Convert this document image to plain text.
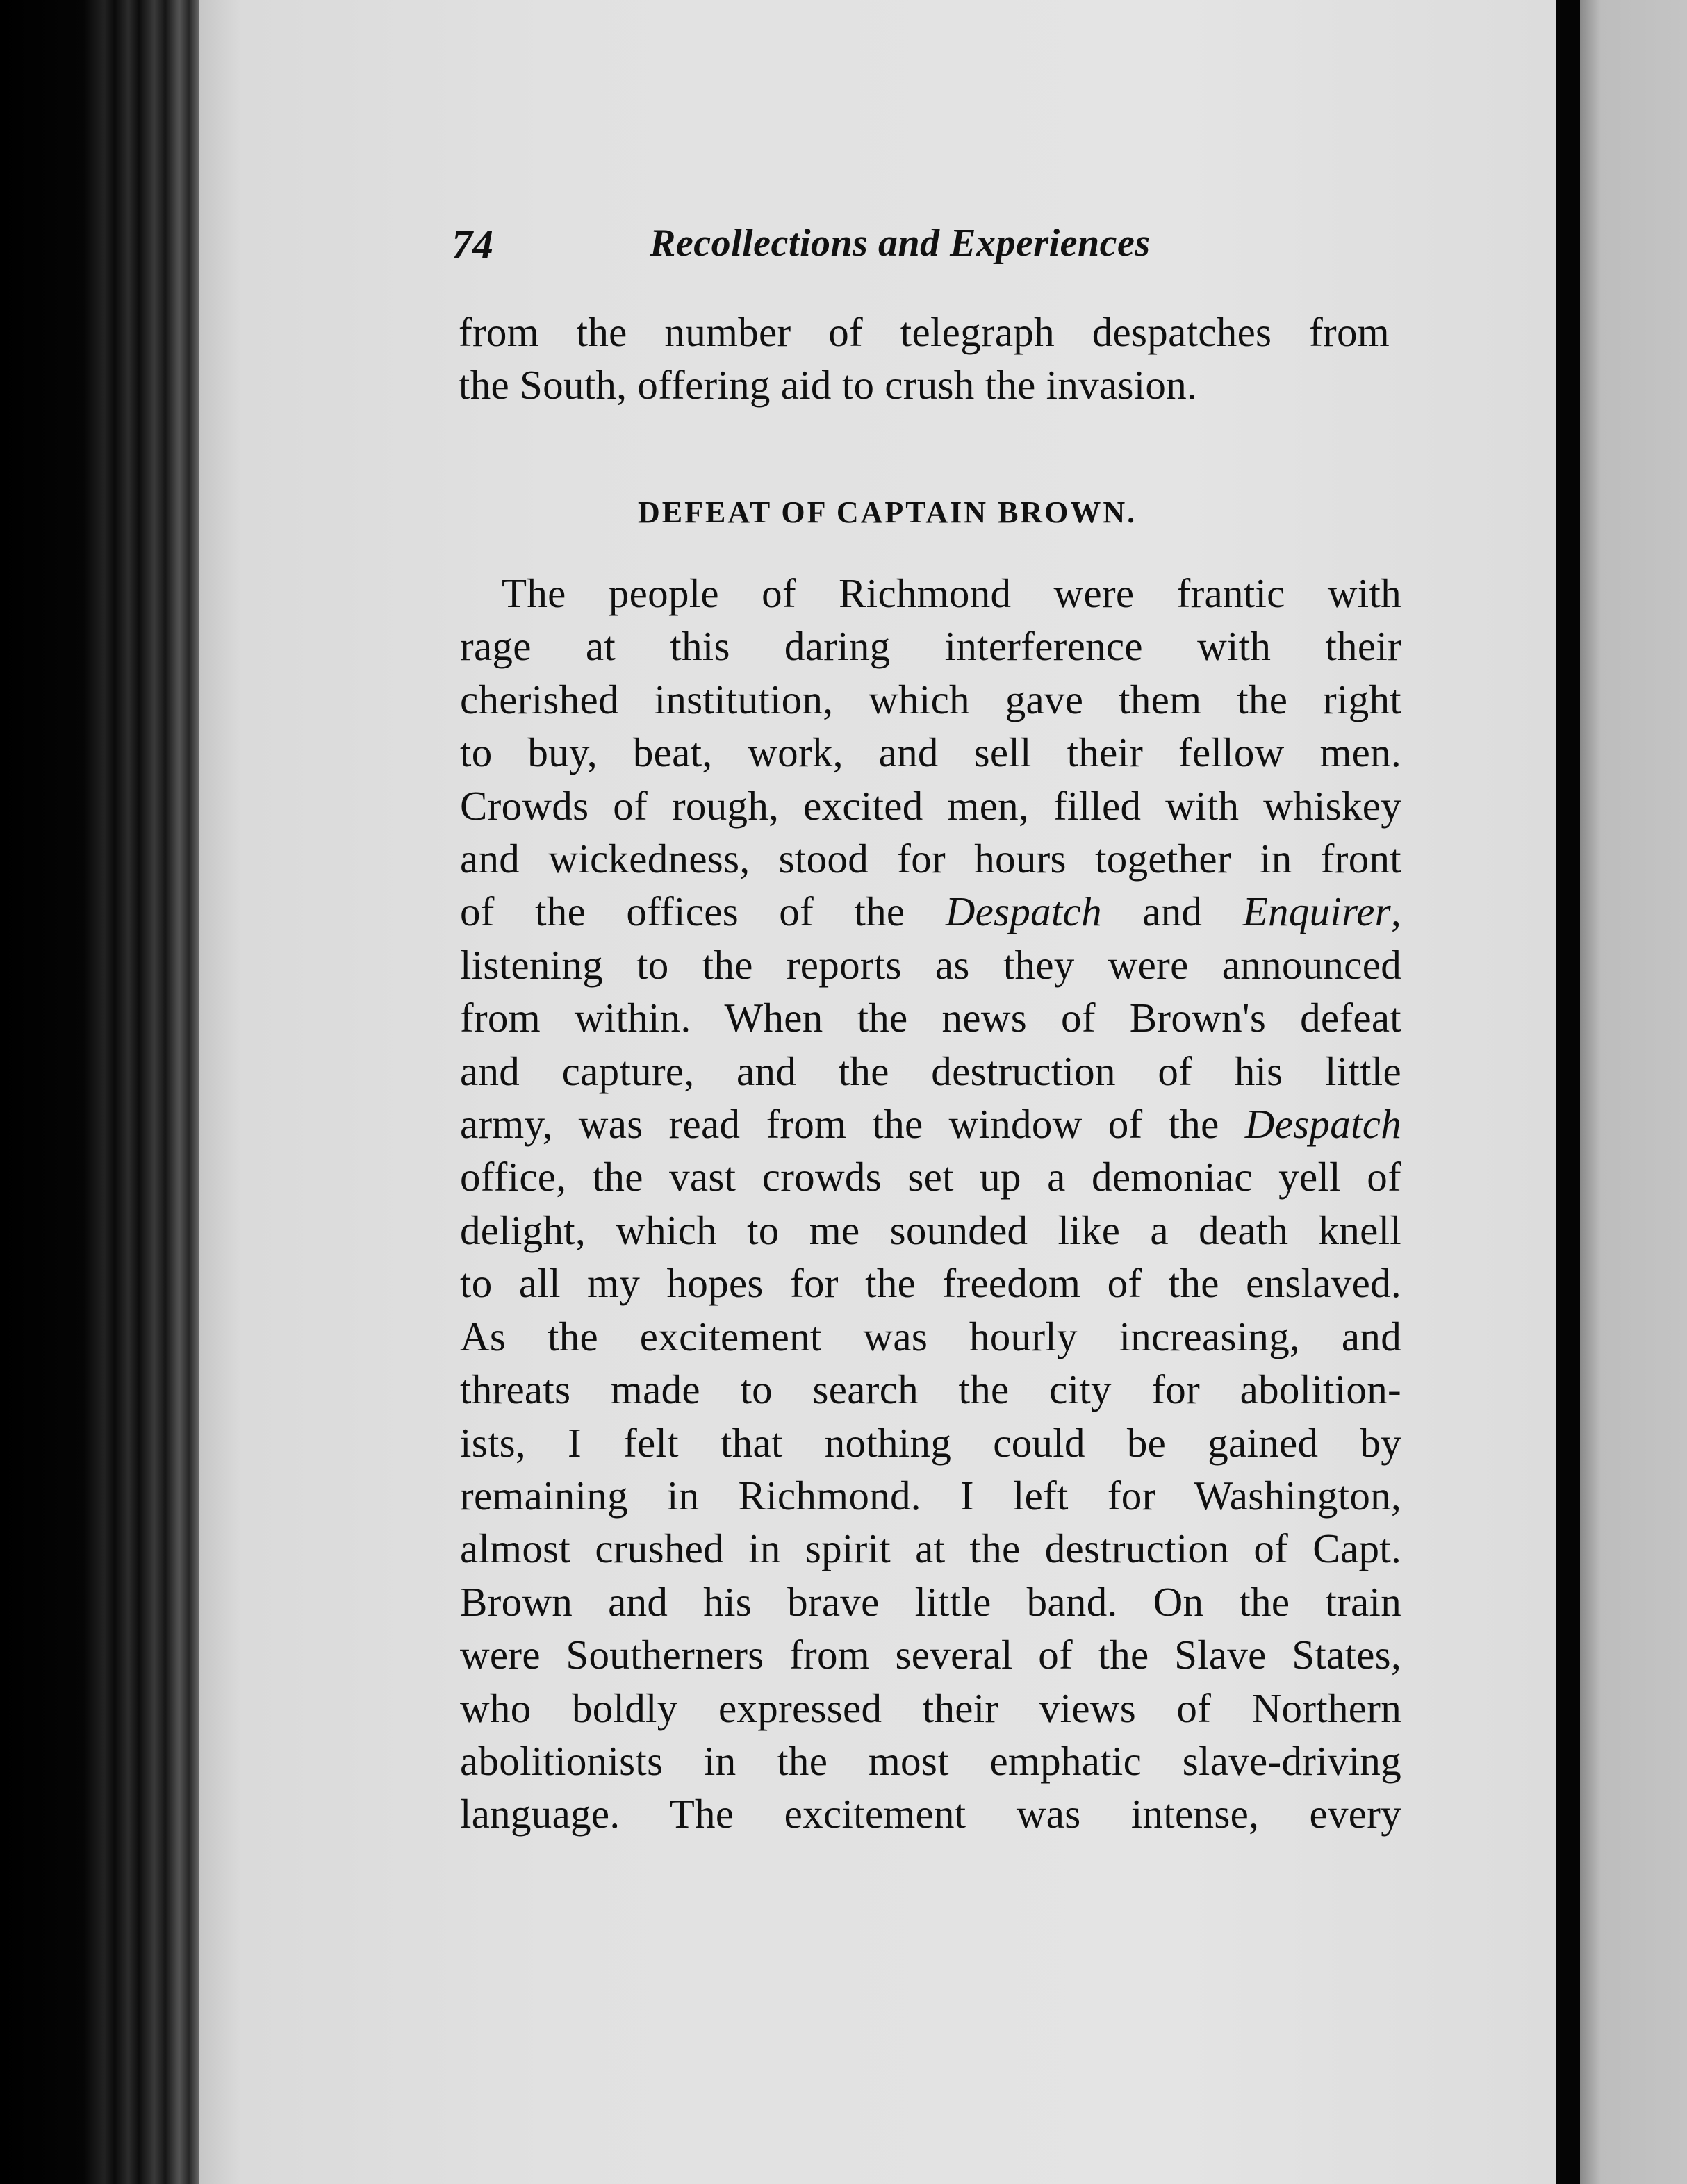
74	Recollections and Experiences
from the number of telegraph despatches from
the South, offering aid to crush the invasion.
DEFEAT OF CAPTAIN BROWN.
The people of Richmond were frantic with
rage at this daring interference with their
cherished institution, which gave them the right
to buy, beat, work, and sell their fellow men.
Crowds of rough, excited men, filled with whiskey
and wickedness, stood for hours together in front
of the offices of the Despatch and Enquirer,
listening to the reports as they were announced
from within. When the news of Brown's defeat
and capture, and the destruction of his little
army, was read from the window of the Despatch
office, the vast crowds set up a demoniac yell of
delight, which to me sounded like a death knell
to all my hopes for the freedom of the enslaved.
As the excitement was hourly increasing, and
threats made to search the city for abolition-
ists, I felt that nothing could be gained by
remaining in Richmond. I left for Washington,
almost crushed in spirit at the destruction of Capt.
Brown and his brave little band. On the train
were Southerners from several of the Slave States,
who boldly expressed their views of Northern
abolitionists in the most emphatic slave-driving
language. The excitement was intense, every
